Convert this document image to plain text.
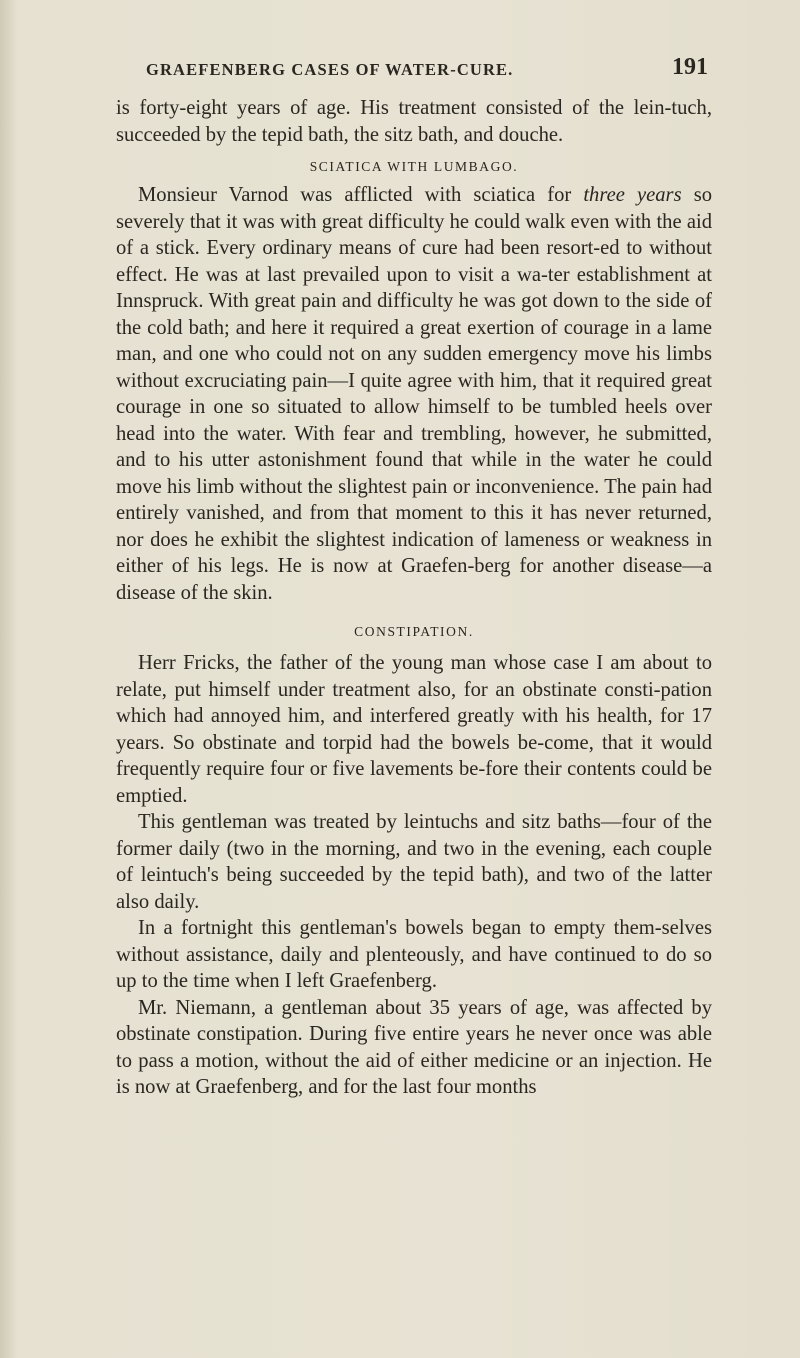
GRAEFENBERG CASES OF WATER-CURE.	191

is forty-eight years of age. His treatment consisted of the lein-tuch, succeeded by the tepid bath, the sitz bath, and douche.

SCIATICA WITH LUMBAGO.

Monsieur Varnod was afflicted with sciatica for three years so severely that it was with great difficulty he could walk even with the aid of a stick. Every ordinary means of cure had been resort-ed to without effect. He was at last prevailed upon to visit a wa-ter establishment at Innspruck. With great pain and difficulty he was got down to the side of the cold bath; and here it required a great exertion of courage in a lame man, and one who could not on any sudden emergency move his limbs without excruciating pain—I quite agree with him, that it required great courage in one so situated to allow himself to be tumbled heels over head into the water. With fear and trembling, however, he submitted, and to his utter astonishment found that while in the water he could move his limb without the slightest pain or inconvenience. The pain had entirely vanished, and from that moment to this it has never returned, nor does he exhibit the slightest indication of lameness or weakness in either of his legs. He is now at Graefen-berg for another disease—a disease of the skin.

CONSTIPATION.

Herr Fricks, the father of the young man whose case I am about to relate, put himself under treatment also, for an obstinate consti-pation which had annoyed him, and interfered greatly with his health, for 17 years. So obstinate and torpid had the bowels be-come, that it would frequently require four or five lavements be-fore their contents could be emptied.

This gentleman was treated by leintuchs and sitz baths—four of the former daily (two in the morning, and two in the evening, each couple of leintuch's being succeeded by the tepid bath), and two of the latter also daily.

In a fortnight this gentleman's bowels began to empty them-selves without assistance, daily and plenteously, and have continued to do so up to the time when I left Graefenberg.

Mr. Niemann, a gentleman about 35 years of age, was affected by obstinate constipation. During five entire years he never once was able to pass a motion, without the aid of either medicine or an injection. He is now at Graefenberg, and for the last four months
